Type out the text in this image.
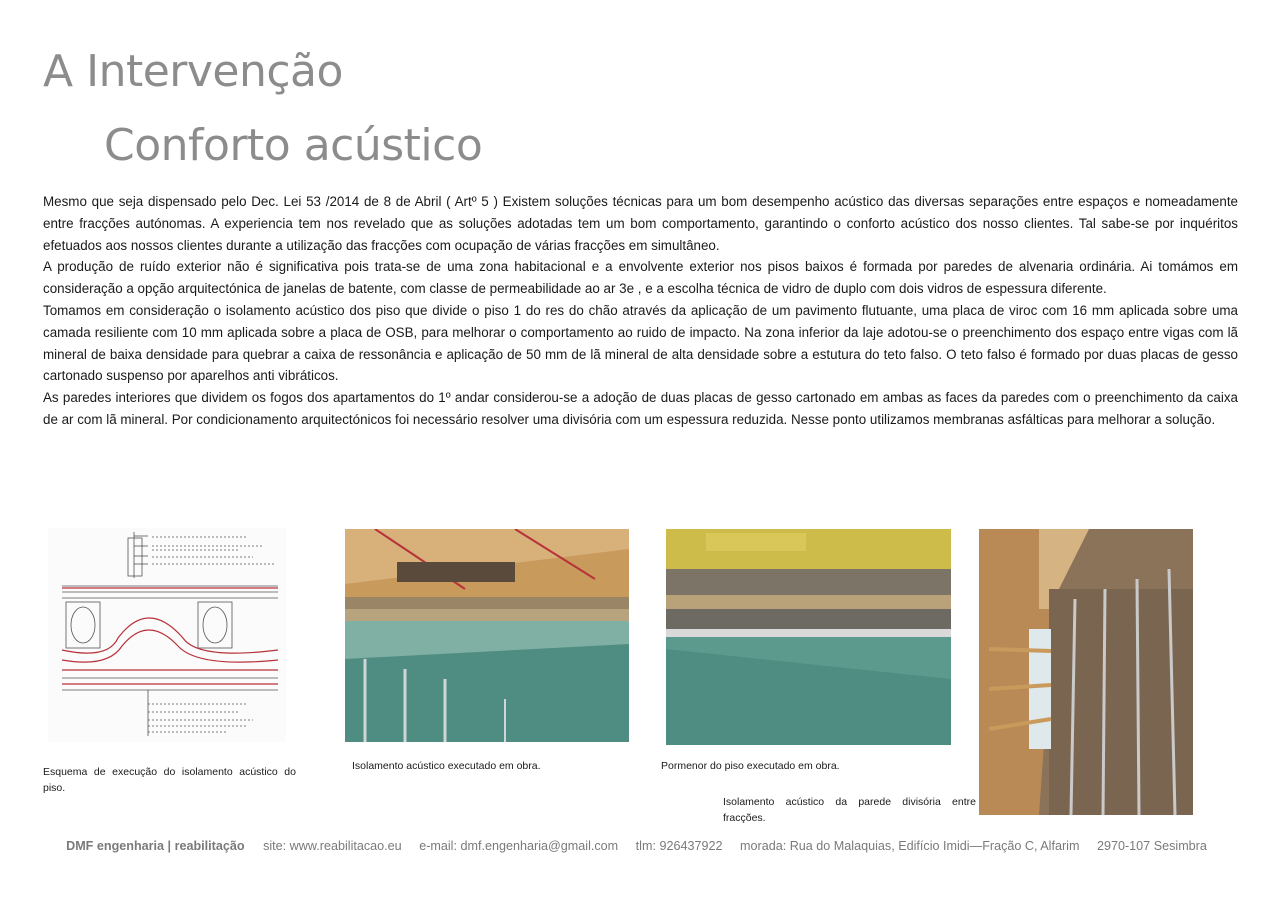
A Intervenção
Conforto acústico

Mesmo que seja dispensado pelo Dec. Lei 53 /2014 de 8 de Abril ( Artº 5 ) Existem soluções técnicas para um bom desempenho acústico das diversas separações entre espaços e nomeadamente entre fracções autónomas. A experiencia tem nos revelado que as soluções adotadas tem um bom comportamento, garantindo o conforto acústico dos nosso clientes. Tal sabe-se por inquéritos efetuados aos nossos clientes durante a utilização das fracções com ocupação de várias fracções em simultâneo.

A produção de ruído exterior não é significativa pois trata-se de uma zona habitacional e a envolvente exterior nos pisos baixos é formada por paredes de alvenaria ordinária. Ai tomámos em consideração a opção arquitectónica de janelas de batente, com classe de permeabilidade ao ar 3e , e a escolha técnica de vidro de duplo com dois vidros de espessura diferente.

Tomamos em consideração o isolamento acústico dos piso que divide o piso 1 do res do chão através da aplicação de um pavimento flutuante, uma placa de viroc com 16 mm aplicada sobre uma camada resiliente com 10 mm aplicada sobre a placa de OSB, para melhorar o comportamento ao ruido de impacto. Na zona inferior da laje adotou-se o preenchimento dos espaço entre vigas com lã mineral de baixa densidade para quebrar a caixa de ressonância e aplicação de 50 mm de lã mineral de alta densidade sobre a estutura do teto falso. O teto falso é formado por duas placas de gesso cartonado suspenso por aparelhos anti vibráticos.

As paredes interiores que dividem os fogos dos apartamentos do 1º andar considerou-se a adoção de duas placas de gesso cartonado em ambas as faces da paredes com o preenchimento da caixa de ar com lã mineral. Por condicionamento arquitectónicos foi necessário resolver uma divisória com um espessura reduzida. Nesse ponto utilizamos membranas asfálticas para melhorar a solução.

Esquema de execução do isolamento acústico do piso.
Isolamento acústico executado em obra.	Pormenor do piso executado em obra.
Isolamento acústico da parede divisória entre fracções.
DMF engenharia | reabilitação site: www.reabilitacao.eu e-mail: dmf.engenharia@gmail.com tlm: 926437922 morada: Rua do Malaquias, Edifício Imidi—Fração C, Alfarim 2970-107 Sesimbra
